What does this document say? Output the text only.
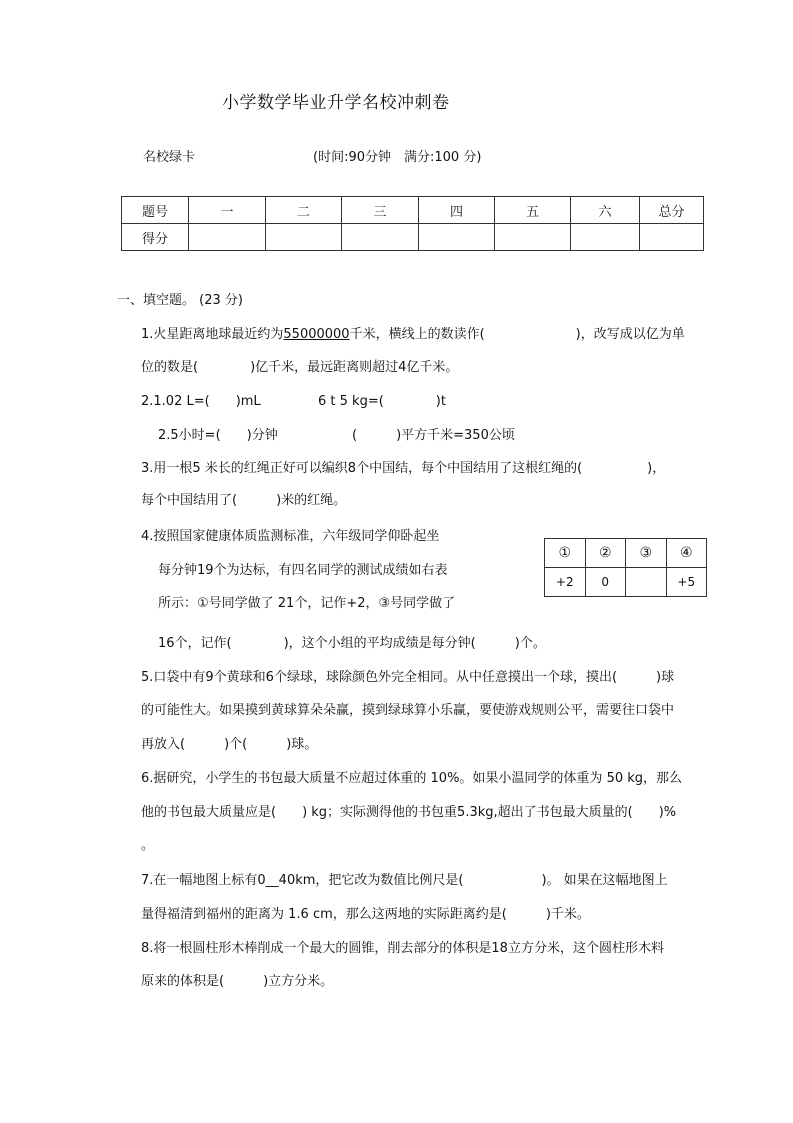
小学数学毕业升学名校冲刺卷
名校绿卡	(时间:90分钟　满分:100 分)
题号	一	二	三	四	五	六	总分
得分							
一、填空题。 (23 分)
1.火星距离地球最近约为55000000千米，横线上的数读作(　　　　　　　)，改写成以亿为单
位的数是(　　　　)亿千米，最远距离则超过4亿千米。
2.1.02 L=(　　)mL	6 t 5 kg=(　　　　)t
2.5小时=(　　)分钟	(　　　)平方千米=350公顷
3.用一根5 米长的红绳正好可以编织8个中国结，每个中国结用了这根红绳的(　　　　　)，
每个中国结用了(　　　)米的红绳。
4.按照国家健康体质监测标准，六年级同学仰卧起坐
每分钟19个为达标，有四名同学的测试成绩如右表
所示：①号同学做了 21个，记作+2，③号同学做了
16个，记作(　　　　)，这个小组的平均成绩是每分钟(　　　)个。
①	②	③	④
+2	0		+5
5.口袋中有9个黄球和6个绿球，球除颜色外完全相同。从中任意摸出一个球，摸出(　　　)球
的可能性大。如果摸到黄球算朵朵赢，摸到绿球算小乐赢，要使游戏规则公平，需要往口袋中
再放入(　　　)个(　　　)球。
6.据研究，小学生的书包最大质量不应超过体重的 10%。如果小温同学的体重为 50 kg，那么
他的书包最大质量应是(　　) kg；实际测得他的书包重5.3kg,超出了书包最大质量的(　　)%
。
7.在一幅地图上标有0__40km，把它改为数值比例尺是(　　　　　　)。 如果在这幅地图上
量得福清到福州的距离为 1.6 cm，那么这两地的实际距离约是(　　　)千米。
8.将一根圆柱形木棒削成一个最大的圆锥，削去部分的体积是18立方分米，这个圆柱形木料
原来的体积是(　　　)立方分米。
